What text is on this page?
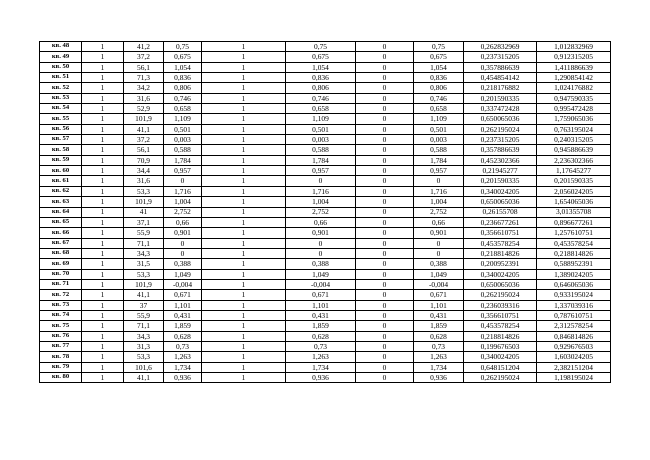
кв. 48	1	41,2	0,75	1	0,75	0	0,75	0,262832969	1,012832969
кв. 49	1	37,2	0,675	1	0,675	0	0,675	0,237315205	0,912315205
кв. 50	1	56,1	1,054	1	1,054	0	1,054	0,357886639	1,411886639
кв. 51	1	71,3	0,836	1	0,836	0	0,836	0,454854142	1,290854142
кв. 52	1	34,2	0,806	1	0,806	0	0,806	0,218176882	1,024176882
кв. 53	1	31,6	0,746	1	0,746	0	0,746	0,201590335	0,947590335
кв. 54	1	52,9	0,658	1	0,658	0	0,658	0,337472428	0,995472428
кв. 55	1	101,9	1,109	1	1,109	0	1,109	0,650065036	1,759065036
кв. 56	1	41,1	0,501	1	0,501	0	0,501	0,262195024	0,763195024
кв. 57	1	37,2	0,003	1	0,003	0	0,003	0,237315205	0,240315205
кв. 58	1	56,1	0,588	1	0,588	0	0,588	0,357886639	0,945886639
кв. 59	1	70,9	1,784	1	1,784	0	1,784	0,452302366	2,236302366
кв. 60	1	34,4	0,957	1	0,957	0	0,957	0,21945277	1,17645277
кв. 61	1	31,6	0	1	0	0	0	0,201590335	0,201590335
кв. 62	1	53,3	1,716	1	1,716	0	1,716	0,340024205	2,056024205
кв. 63	1	101,9	1,004	1	1,004	0	1,004	0,650065036	1,654065036
кв. 64	1	41	2,752	1	2,752	0	2,752	0,26155708	3,01355708
кв. 65	1	37,1	0,66	1	0,66	0	0,66	0,236677261	0,896677261
кв. 66	1	55,9	0,901	1	0,901	0	0,901	0,356610751	1,257610751
кв. 67	1	71,1	0	1	0	0	0	0,453578254	0,453578254
кв. 68	1	34,3	0	1	0	0	0	0,218814826	0,218814826
кв. 69	1	31,5	0,388	1	0,388	0	0,388	0,200952391	0,588952391
кв. 70	1	53,3	1,049	1	1,049	0	1,049	0,340024205	1,389024205
кв. 71	1	101,9	-0,004	1	-0,004	0	-0,004	0,650065036	0,646065036
кв. 72	1	41,1	0,671	1	0,671	0	0,671	0,262195024	0,933195024
кв. 73	1	37	1,101	1	1,101	0	1,101	0,236039316	1,337039316
кв. 74	1	55,9	0,431	1	0,431	0	0,431	0,356610751	0,787610751
кв. 75	1	71,1	1,859	1	1,859	0	1,859	0,453578254	2,312578254
кв. 76	1	34,3	0,628	1	0,628	0	0,628	0,218814826	0,846814826
кв. 77	1	31,3	0,73	1	0,73	0	0,73	0,199676503	0,929676503
кв. 78	1	53,3	1,263	1	1,263	0	1,263	0,340024205	1,603024205
кв. 79	1	101,6	1,734	1	1,734	0	1,734	0,648151204	2,382151204
кв. 80	1	41,1	0,936	1	0,936	0	0,936	0,262195024	1,198195024
